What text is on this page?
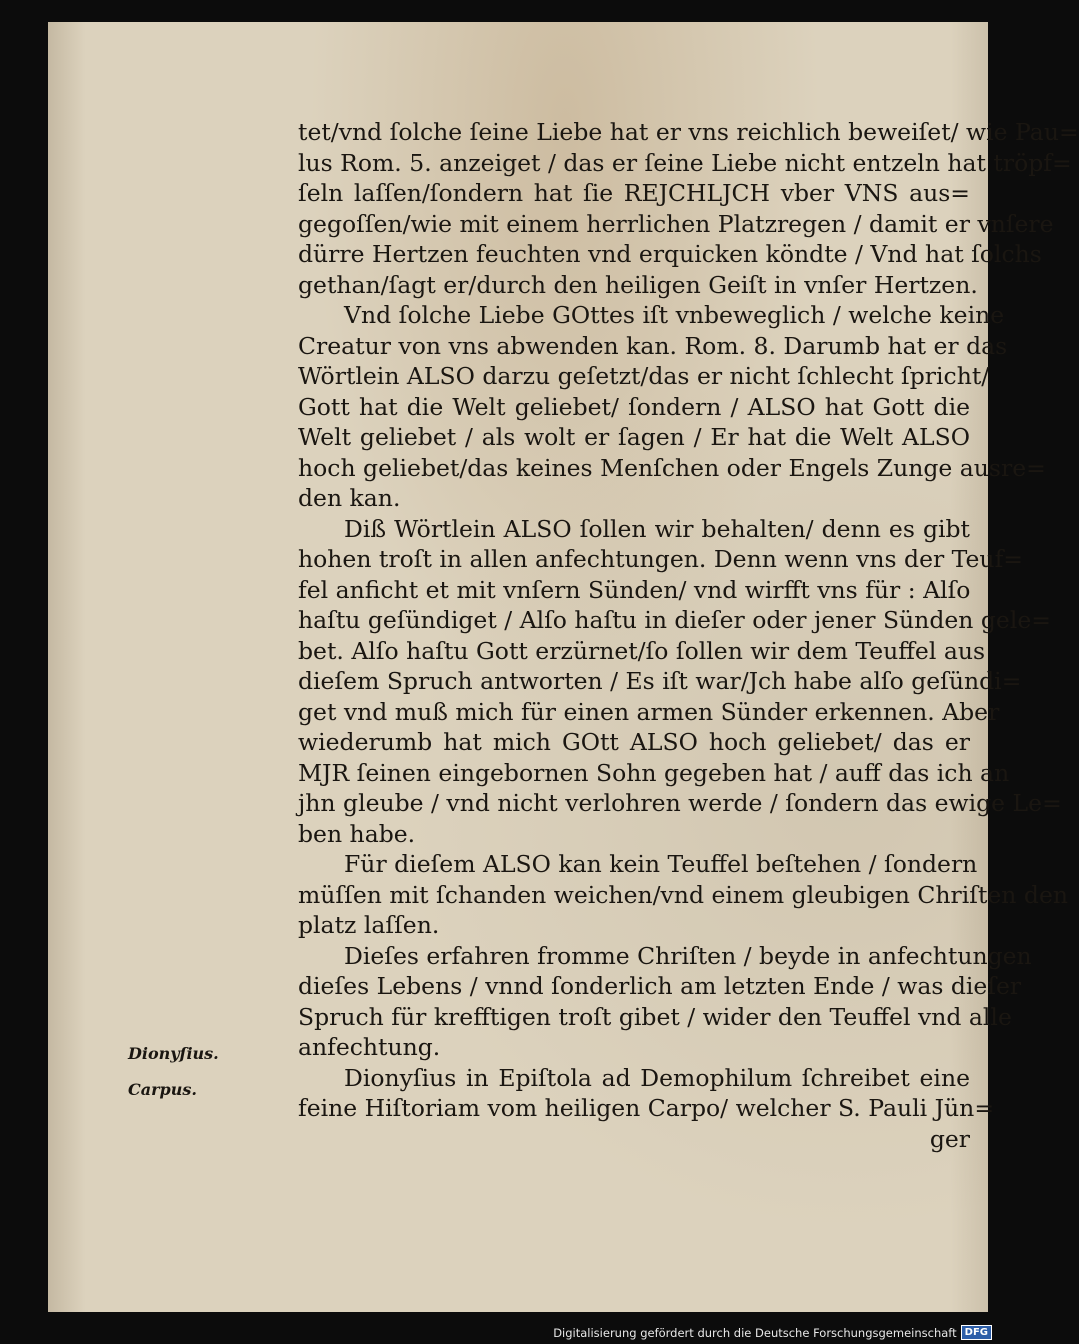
tet/vnd ſolche ſeine Liebe hat er vns reichlich beweiſet/ wie Pau=
lus Rom. 5. anzeiget / das er ſeine Liebe nicht entzeln hat tröpf=
ſeln laſſen/ſondern hat ſie REJCHLJCH vber VNS aus=
gegoſſen/wie mit einem herrlichen Platzregen / damit er vnſere
dürre Hertzen feuchten vnd erquicken köndte / Vnd hat ſolchs
gethan/ſagt er/durch den heiligen Geiſt in vnſer Hertzen.
Vnd ſolche Liebe GOttes iſt vnbeweglich / welche keine
Creatur von vns abwenden kan. Rom. 8. Darumb hat er das
Wörtlein ALSO darzu geſetzt/das er nicht ſchlecht ſpricht/
Gott hat die Welt geliebet/ ſondern / ALSO hat Gott die
Welt geliebet / als wolt er ſagen / Er hat die Welt ALSO
hoch geliebet/das keines Menſchen oder Engels Zunge ausre=
den kan.
Diß Wörtlein ALSO ſollen wir behalten/ denn es gibt
hohen troſt in allen anfechtungen. Denn wenn vns der Teuf=
fel anficht et mit vnſern Sünden/ vnd wirfft vns für : Alſo
haſtu geſündiget / Alſo haſtu in dieſer oder jener Sünden gele=
bet. Alſo haſtu Gott erzürnet/ſo ſollen wir dem Teuffel aus
dieſem Spruch antworten / Es iſt war/Jch habe alſo geſündi=
get vnd muß mich für einen armen Sünder erkennen. Aber
wiederumb hat mich GOtt ALSO hoch geliebet/ das er
MJR ſeinen eingebornen Sohn gegeben hat / auff das ich an
jhn gleube / vnd nicht verlohren werde / ſondern das ewige Le=
ben habe.
Für dieſem ALSO kan kein Teuffel beſtehen / ſondern
müſſen mit ſchanden weichen/vnd einem gleubigen Chriſten den
platz laſſen.
Dieſes erfahren fromme Chriſten / beyde in anfechtungen
dieſes Lebens / vnnd ſonderlich am letzten Ende / was dieſer
Spruch für krefftigen troſt gibet / wider den Teuffel vnd alle
anfechtung.
Dionyſius in Epiſtola ad Demophilum ſchreibet eine
feine Hiſtoriam vom heiligen Carpo/ welcher S. Pauli Jün=
ger
Dionyſius.
Carpus.
Digitalisierung gefördert durch die Deutsche Forschungsgemeinschaft DFG
